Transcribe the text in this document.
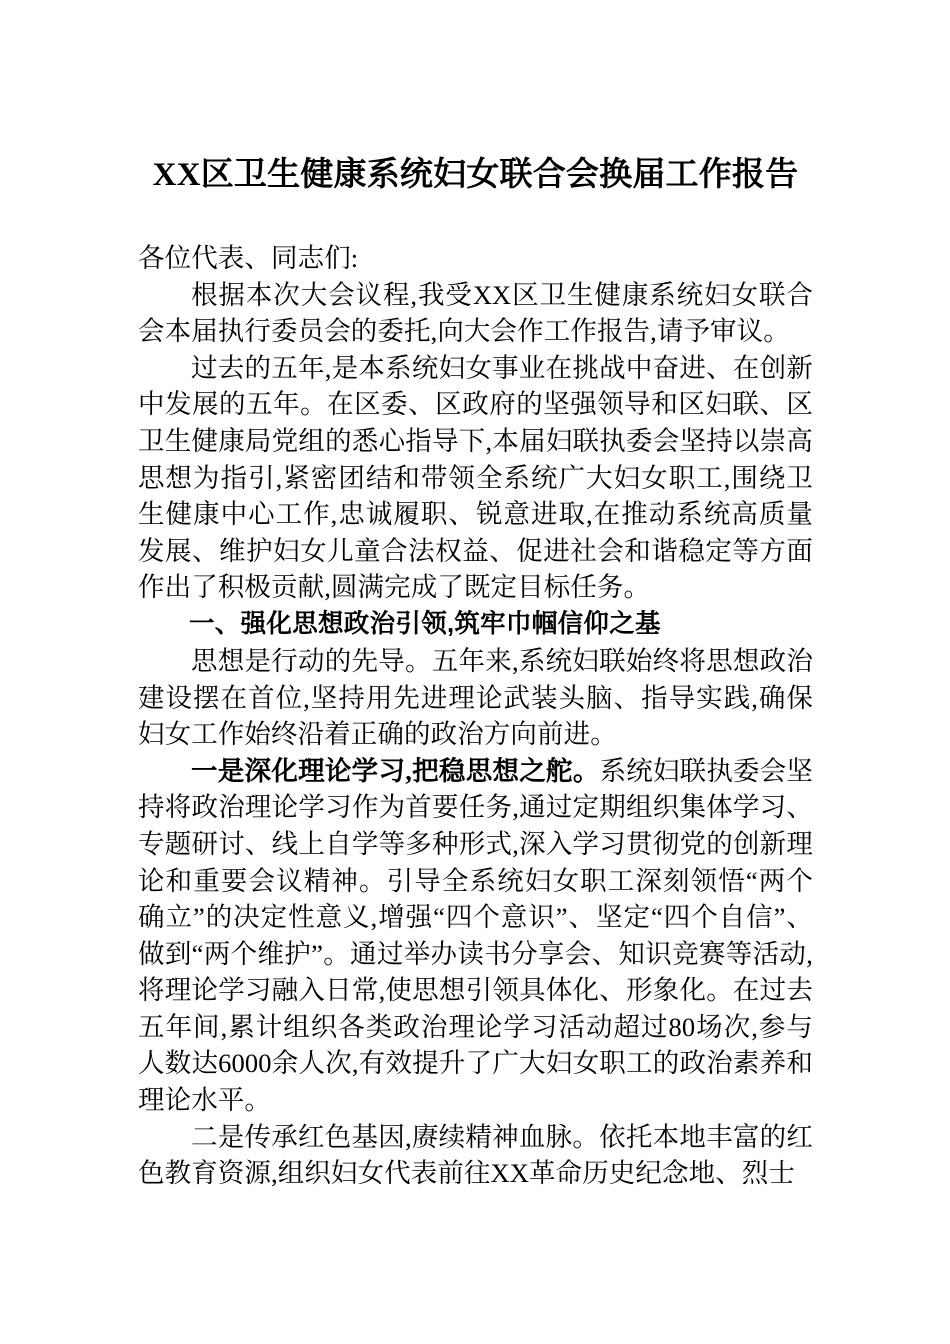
XX区卫生健康系统妇女联合会换届工作报告

各位代表、同志们:

根据本次大会议程,我受XX区卫生健康系统妇女联合会本届执行委员会的委托,向大会作工作报告,请予审议。

过去的五年,是本系统妇女事业在挑战中奋进、在创新中发展的五年。在区委、区政府的坚强领导和区妇联、区卫生健康局党组的悉心指导下,本届妇联执委会坚持以崇高思想为指引,紧密团结和带领全系统广大妇女职工,围绕卫生健康中心工作,忠诚履职、锐意进取,在推动系统高质量发展、维护妇女儿童合法权益、促进社会和谐稳定等方面作出了积极贡献,圆满完成了既定目标任务。

一、强化思想政治引领,筑牢巾帼信仰之基

思想是行动的先导。五年来,系统妇联始终将思想政治建设摆在首位,坚持用先进理论武装头脑、指导实践,确保妇女工作始终沿着正确的政治方向前进。

一是深化理论学习,把稳思想之舵。系统妇联执委会坚持将政治理论学习作为首要任务,通过定期组织集体学习、专题研讨、线上自学等多种形式,深入学习贯彻党的创新理论和重要会议精神。引导全系统妇女职工深刻领悟“两个确立”的决定性意义,增强“四个意识”、坚定“四个自信”、做到“两个维护”。通过举办读书分享会、知识竞赛等活动,将理论学习融入日常,使思想引领具体化、形象化。在过去五年间,累计组织各类政治理论学习活动超过80场次,参与人数达6000余人次,有效提升了广大妇女职工的政治素养和理论水平。

二是传承红色基因,赓续精神血脉。依托本地丰富的红色教育资源,组织妇女代表前往XX革命历史纪念地、烈士
